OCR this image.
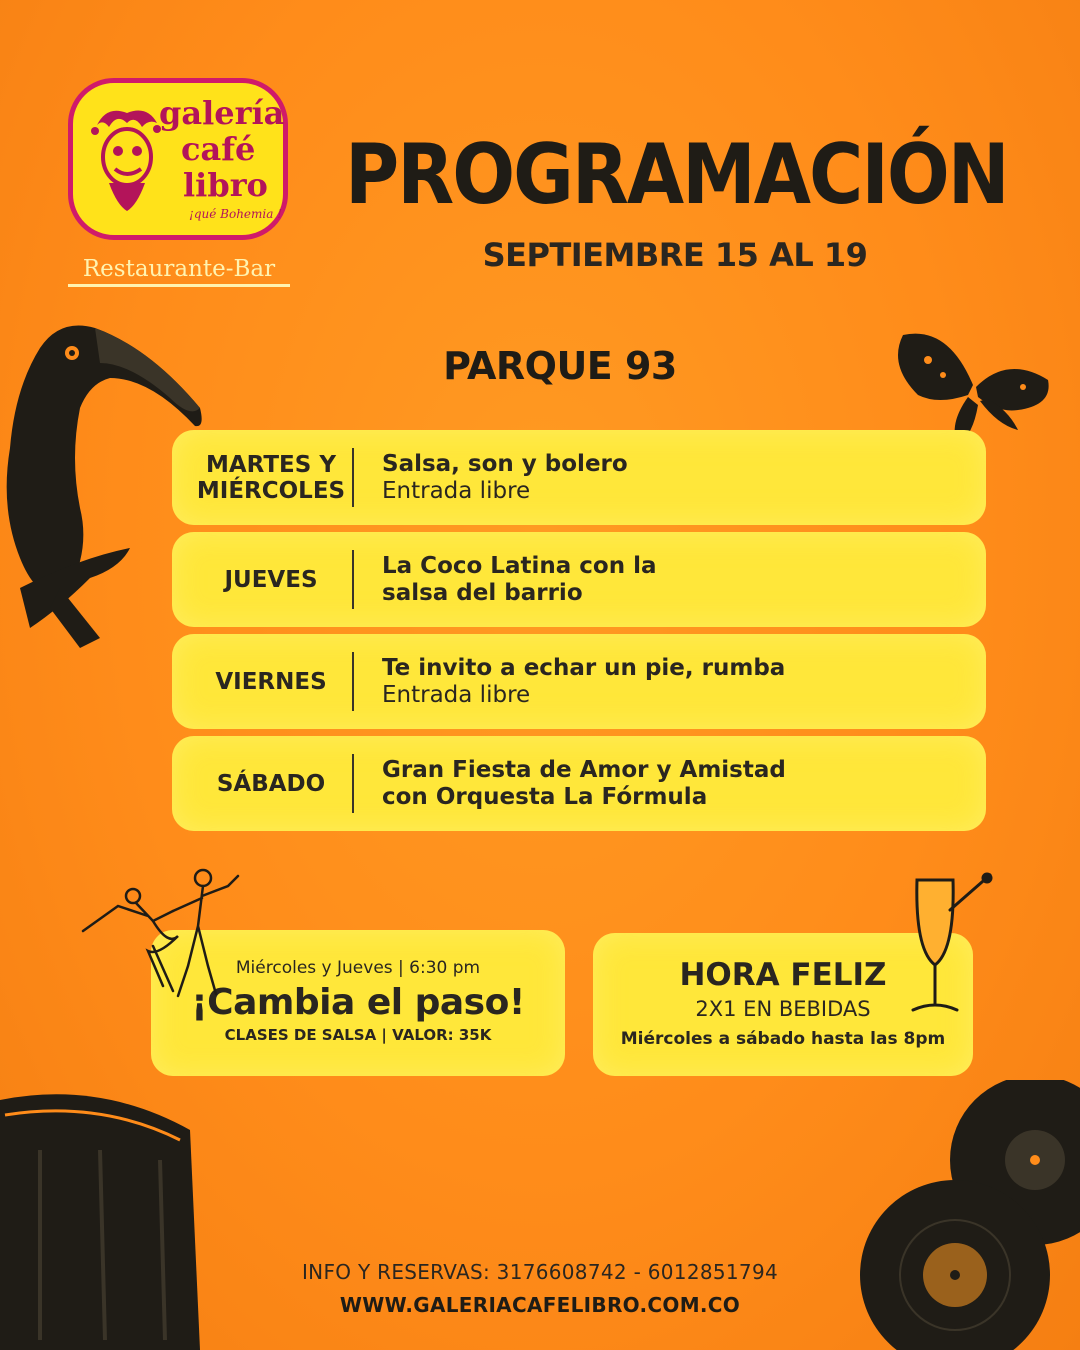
galería
café
libro
¡qué Bohemia !
Restaurante-Bar
PROGRAMACIÓN
SEPTIEMBRE 15 AL 19
PARQUE 93
MARTES Y
MIÉRCOLES
Salsa, son y bolero
Entrada libre
JUEVES
La Coco Latina con la
salsa del barrio
VIERNES
Te invito a echar un pie, rumba
Entrada libre
SÁBADO
Gran Fiesta de Amor y Amistad
con Orquesta La Fórmula
Miércoles y Jueves | 6:30 pm
¡Cambia el paso!
CLASES DE SALSA | VALOR: 35K
HORA FELIZ
2X1 EN BEBIDAS
Miércoles a sábado hasta las 8pm
INFO Y RESERVAS: 3176608742 - 6012851794
WWW.GALERIACAFELIBRO.COM.CO
